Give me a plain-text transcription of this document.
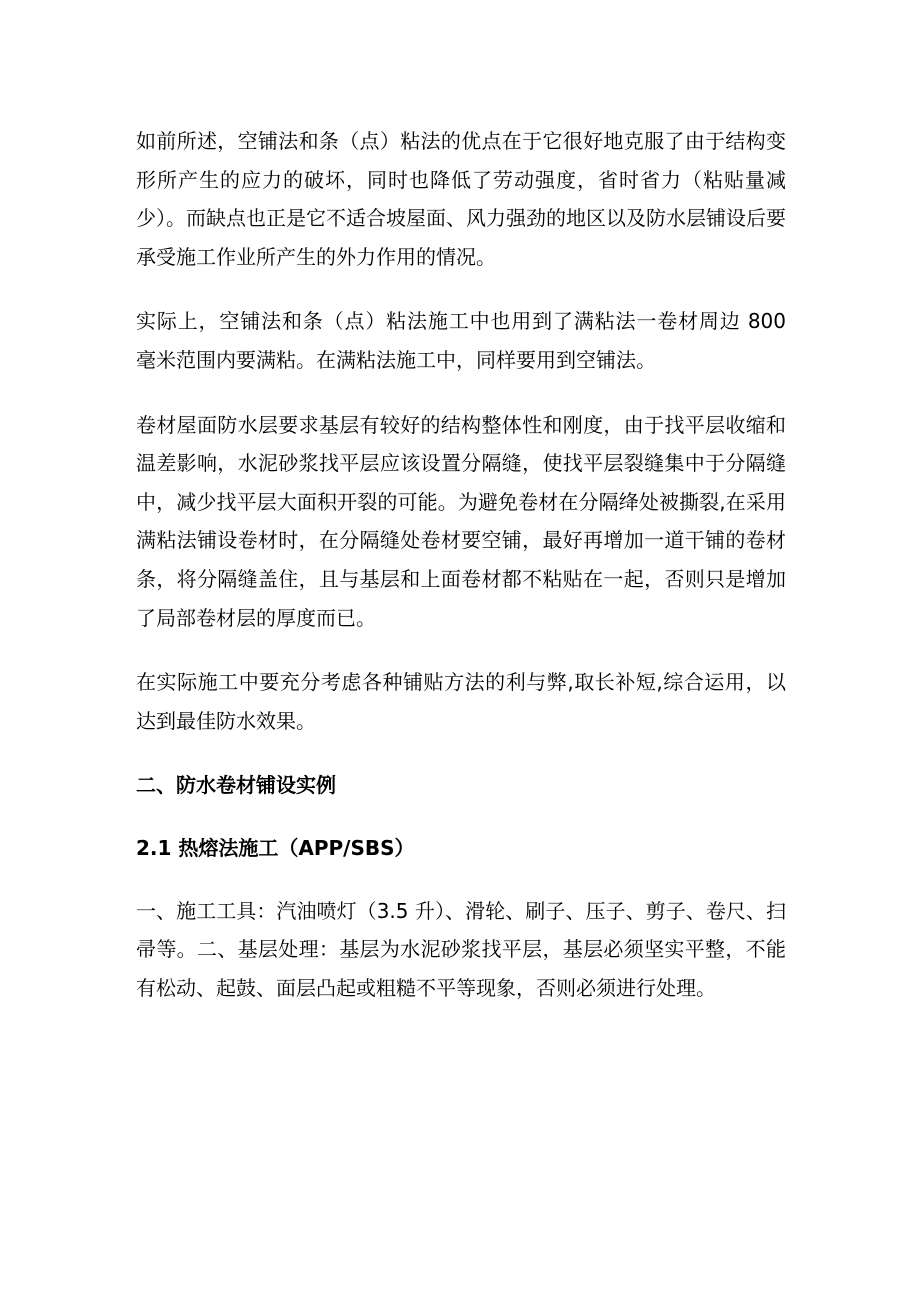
如前所述，空铺法和条（点）粘法的优点在于它很好地克服了由于结构变形所产生的应力的破坏，同时也降低了劳动强度，省时省力（粘贴量减少）。而缺点也正是它不适合坡屋面、风力强劲的地区以及防水层铺设后要承受施工作业所产生的外力作用的情况。

实际上，空铺法和条（点）粘法施工中也用到了满粘法一卷材周边 800 毫米范围内要满粘。在满粘法施工中，同样要用到空铺法。

卷材屋面防水层要求基层有较好的结构整体性和刚度，由于找平层收缩和温差影响，水泥砂浆找平层应该设置分隔缝，使找平层裂缝集中于分隔缝中，减少找平层大面积开裂的可能。为避免卷材在分隔绛处被撕裂,在采用满粘法铺设卷材时，在分隔缝处卷材要空铺，最好再增加一道干铺的卷材条，将分隔缝盖住，且与基层和上面卷材都不粘贴在一起，否则只是增加了局部卷材层的厚度而已。

在实际施工中要充分考虑各种铺贴方法的利与弊,取长补短,综合运用，以达到最佳防水效果。

二、防水卷材铺设实例
2.1 热熔法施工（APP/SBS）

一、施工工具：汽油喷灯（3.5 升）、滑轮、刷子、压子、剪子、卷尺、扫帚等。二、基层处理：基层为水泥砂浆找平层，基层必须坚实平整，不能有松动、起鼓、面层凸起或粗糙不平等现象，否则必须进行处理。
